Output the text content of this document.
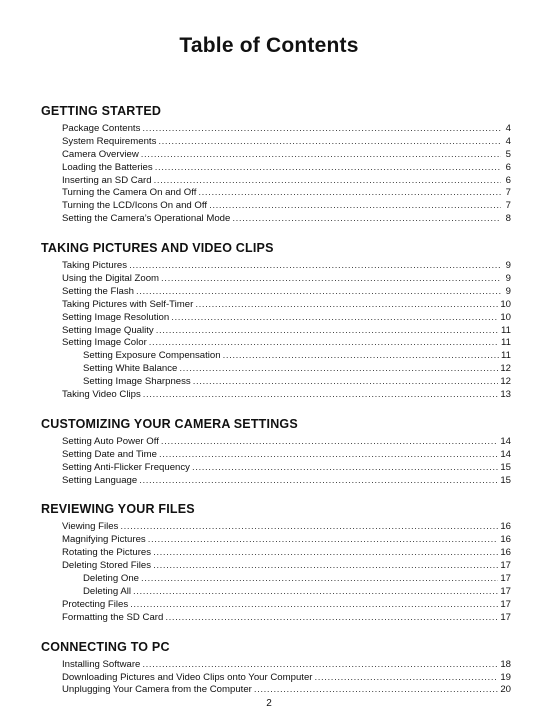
Table of Contents
GETTING STARTED
Package Contents .....	4
System Requirements .....	4
Camera Overview .....	5
Loading the Batteries .....	6
Inserting an SD Card .....	6
Turning the Camera On and Off .....	7
Turning the LCD/Icons On and Off .....	7
Setting the Camera’s Operational Mode .....	8
TAKING PICTURES AND VIDEO CLIPS
Taking Pictures .....	9
Using the Digital Zoom .....	9
Setting the Flash .....	9
Taking Pictures with Self-Timer .....	10
Setting Image Resolution .....	10
Setting Image Quality .....	11
Setting Image Color .....	11
Setting Exposure Compensation .....	11
Setting White Balance .....	12
Setting Image Sharpness .....	12
Taking Video Clips .....	13
CUSTOMIZING YOUR CAMERA SETTINGS
Setting Auto Power Off .....	14
Setting Date and Time .....	14
Setting Anti-Flicker Frequency .....	15
Setting Language .....	15
REVIEWING YOUR FILES
Viewing Files .....	16
Magnifying Pictures .....	16
Rotating the Pictures .....	16
Deleting Stored Files .....	17
Deleting One .....	17
Deleting All .....	17
Protecting Files .....	17
Formatting the SD Card .....	17
CONNECTING TO PC
Installing Software .....	18
Downloading Pictures and Video Clips onto Your Computer .....	19
Unplugging Your Camera from the Computer .....	20
2
